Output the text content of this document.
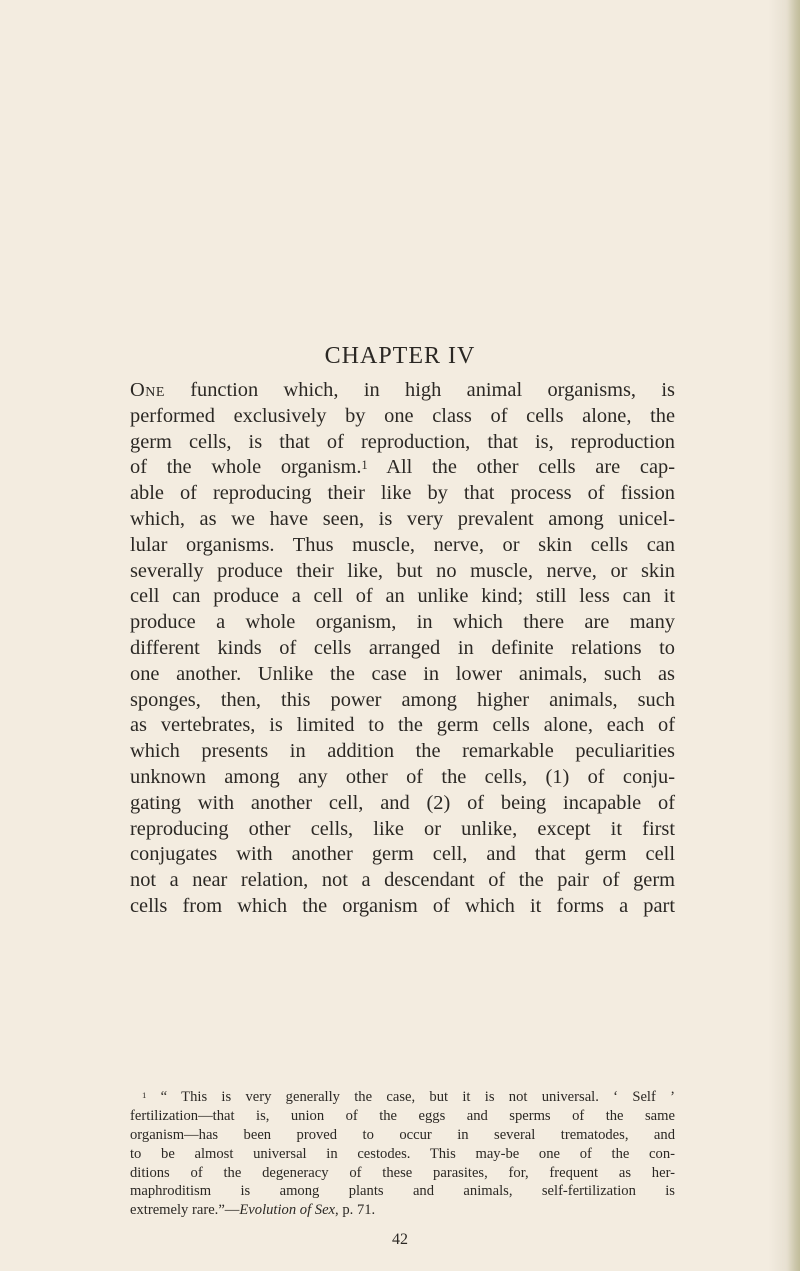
CHAPTER IV
One function which, in high animal organisms, is
performed exclusively by one class of cells alone, the
germ cells, is that of reproduction, that is, reproduction
of the whole organism.$^1$ All the other cells are cap-
able of reproducing their like by that process of fission
which, as we have seen, is very prevalent among unicel-
lular organisms. Thus muscle, nerve, or skin cells can
severally produce their like, but no muscle, nerve, or skin
cell can produce a cell of an unlike kind; still less can it
produce a whole organism, in which there are many
different kinds of cells arranged in definite relations to
one another. Unlike the case in lower animals, such as
sponges, then, this power among higher animals, such
as vertebrates, is limited to the germ cells alone, each of
which presents in addition the remarkable peculiarities
unknown among any other of the cells, (1) of conju-
gating with another cell, and (2) of being incapable of
reproducing other cells, like or unlike, except it first
conjugates with another germ cell, and that germ cell
not a near relation, not a descendant of the pair of germ
cells from which the organism of which it forms a part
$^1$ “ This is very generally the case, but it is not universal. ‘ Self ’
fertilization—that is, union of the eggs and sperms of the same
organism—has been proved to occur in several trematodes, and
to be almost universal in cestodes. This may-be one of the con-
ditions of the degeneracy of these parasites, for, frequent as her-
maphroditism is among plants and animals, self-fertilization is
extremely rare.”—Evolution of Sex, p. 71.
42
